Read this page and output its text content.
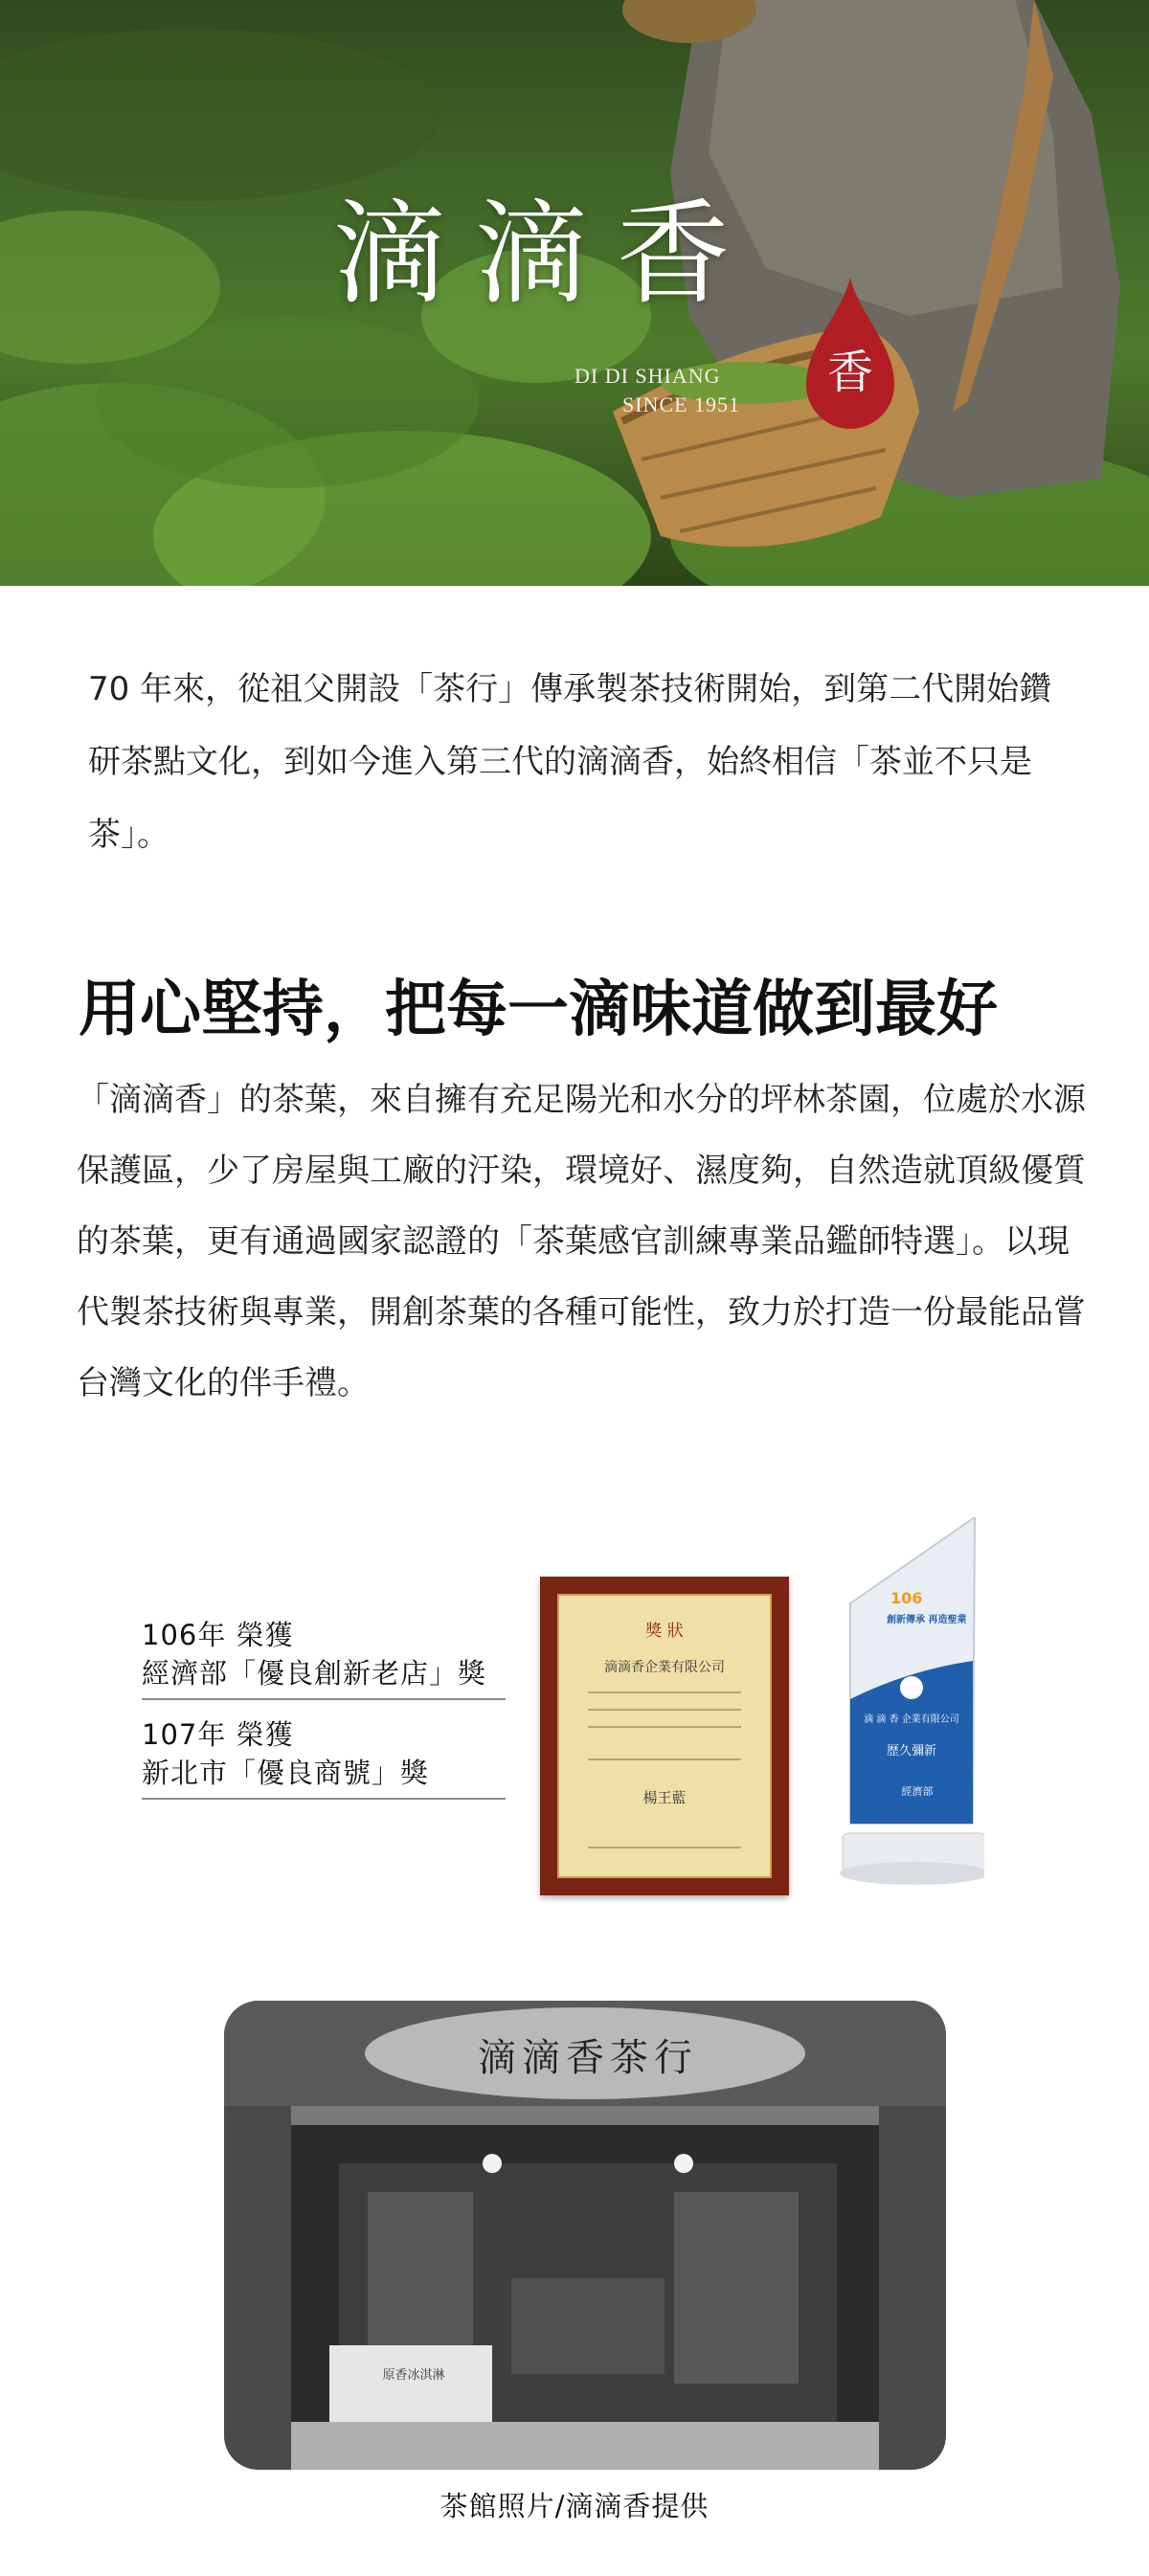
滴滴香
DI DI SHIANG
SINCE 1951
香
70 年來，從祖父開設「茶行」傳承製茶技術開始，到第二代開始鑽研茶點文化，到如今進入第三代的滴滴香，始終相信「茶並不只是茶」。
用心堅持，把每一滴味道做到最好
「滴滴香」的茶葉，來自擁有充足陽光和水分的坪林茶園，位處於水源保護區，少了房屋與工廠的汙染，環境好、濕度夠，自然造就頂級優質的茶葉，更有通過國家認證的「茶葉感官訓練專業品鑑師特選」。以現代製茶技術與專業，開創茶葉的各種可能性，致力於打造一份最能品嘗台灣文化的伴手禮。
106年 榮獲
經濟部「優良創新老店」獎
107年 榮獲
新北市「優良商號」獎
獎 狀
滴滴香企業有限公司
楊王藍
106
創新傳承 再造聖業
滴 滴 香 企業有限公司
歷久彌新
經濟部
滴滴香茶行
原香冰淇淋
茶館照片/滴滴香提供
